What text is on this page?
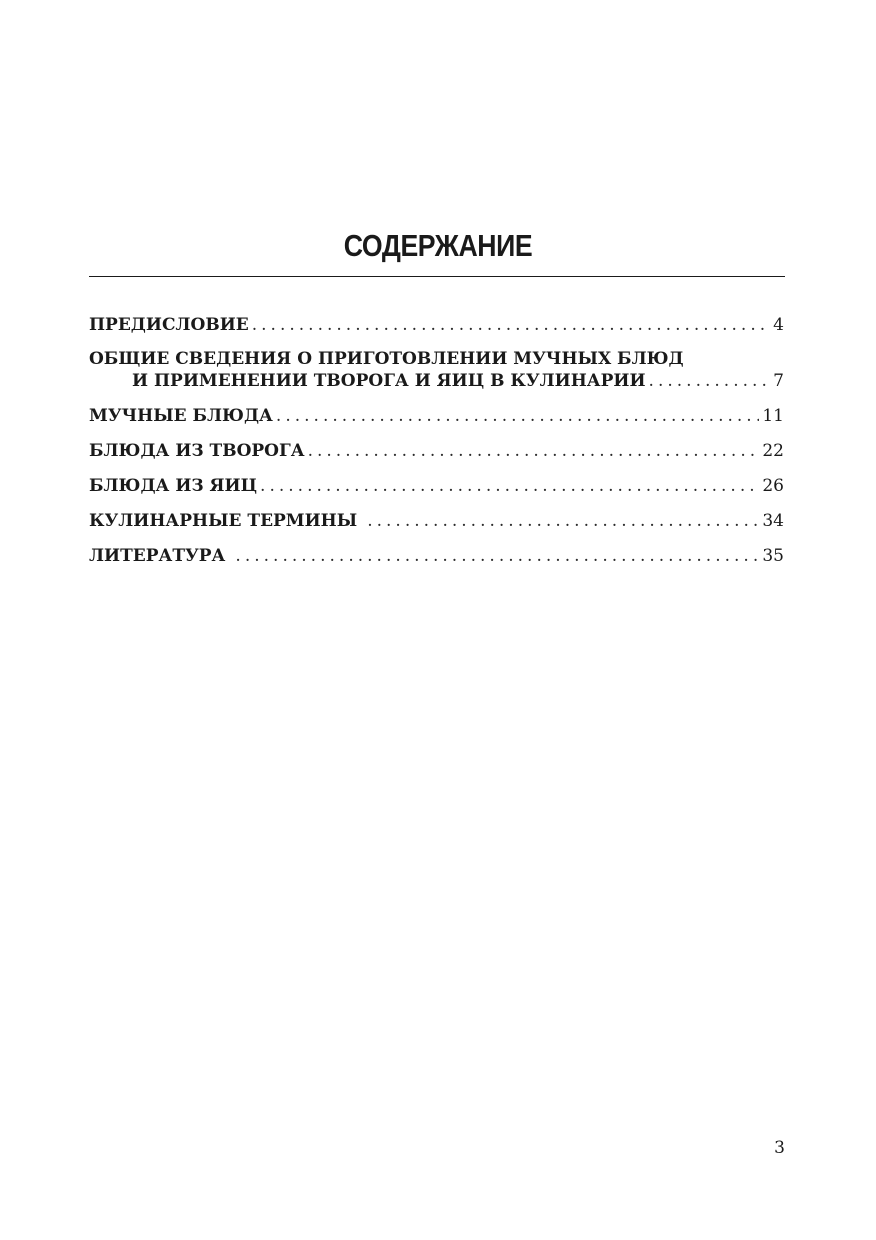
СОДЕРЖАНИЕ
ПРЕДИСЛОВИЕ . . .	4
ОБЩИЕ СВЕДЕНИЯ О ПРИГОТОВЛЕНИИ МУЧНЫХ БЛЮД
И ПРИМЕНЕНИИ ТВОРОГА И ЯИЦ В КУЛИНАРИИ . . .	7
МУЧНЫЕ БЛЮДА . . .	11
БЛЮДА ИЗ ТВОРОГА . . .	22
БЛЮДА ИЗ ЯИЦ . . .	26
КУЛИНАРНЫЕ ТЕРМИНЫ . . .	34
ЛИТЕРАТУРА . . .	35
3
